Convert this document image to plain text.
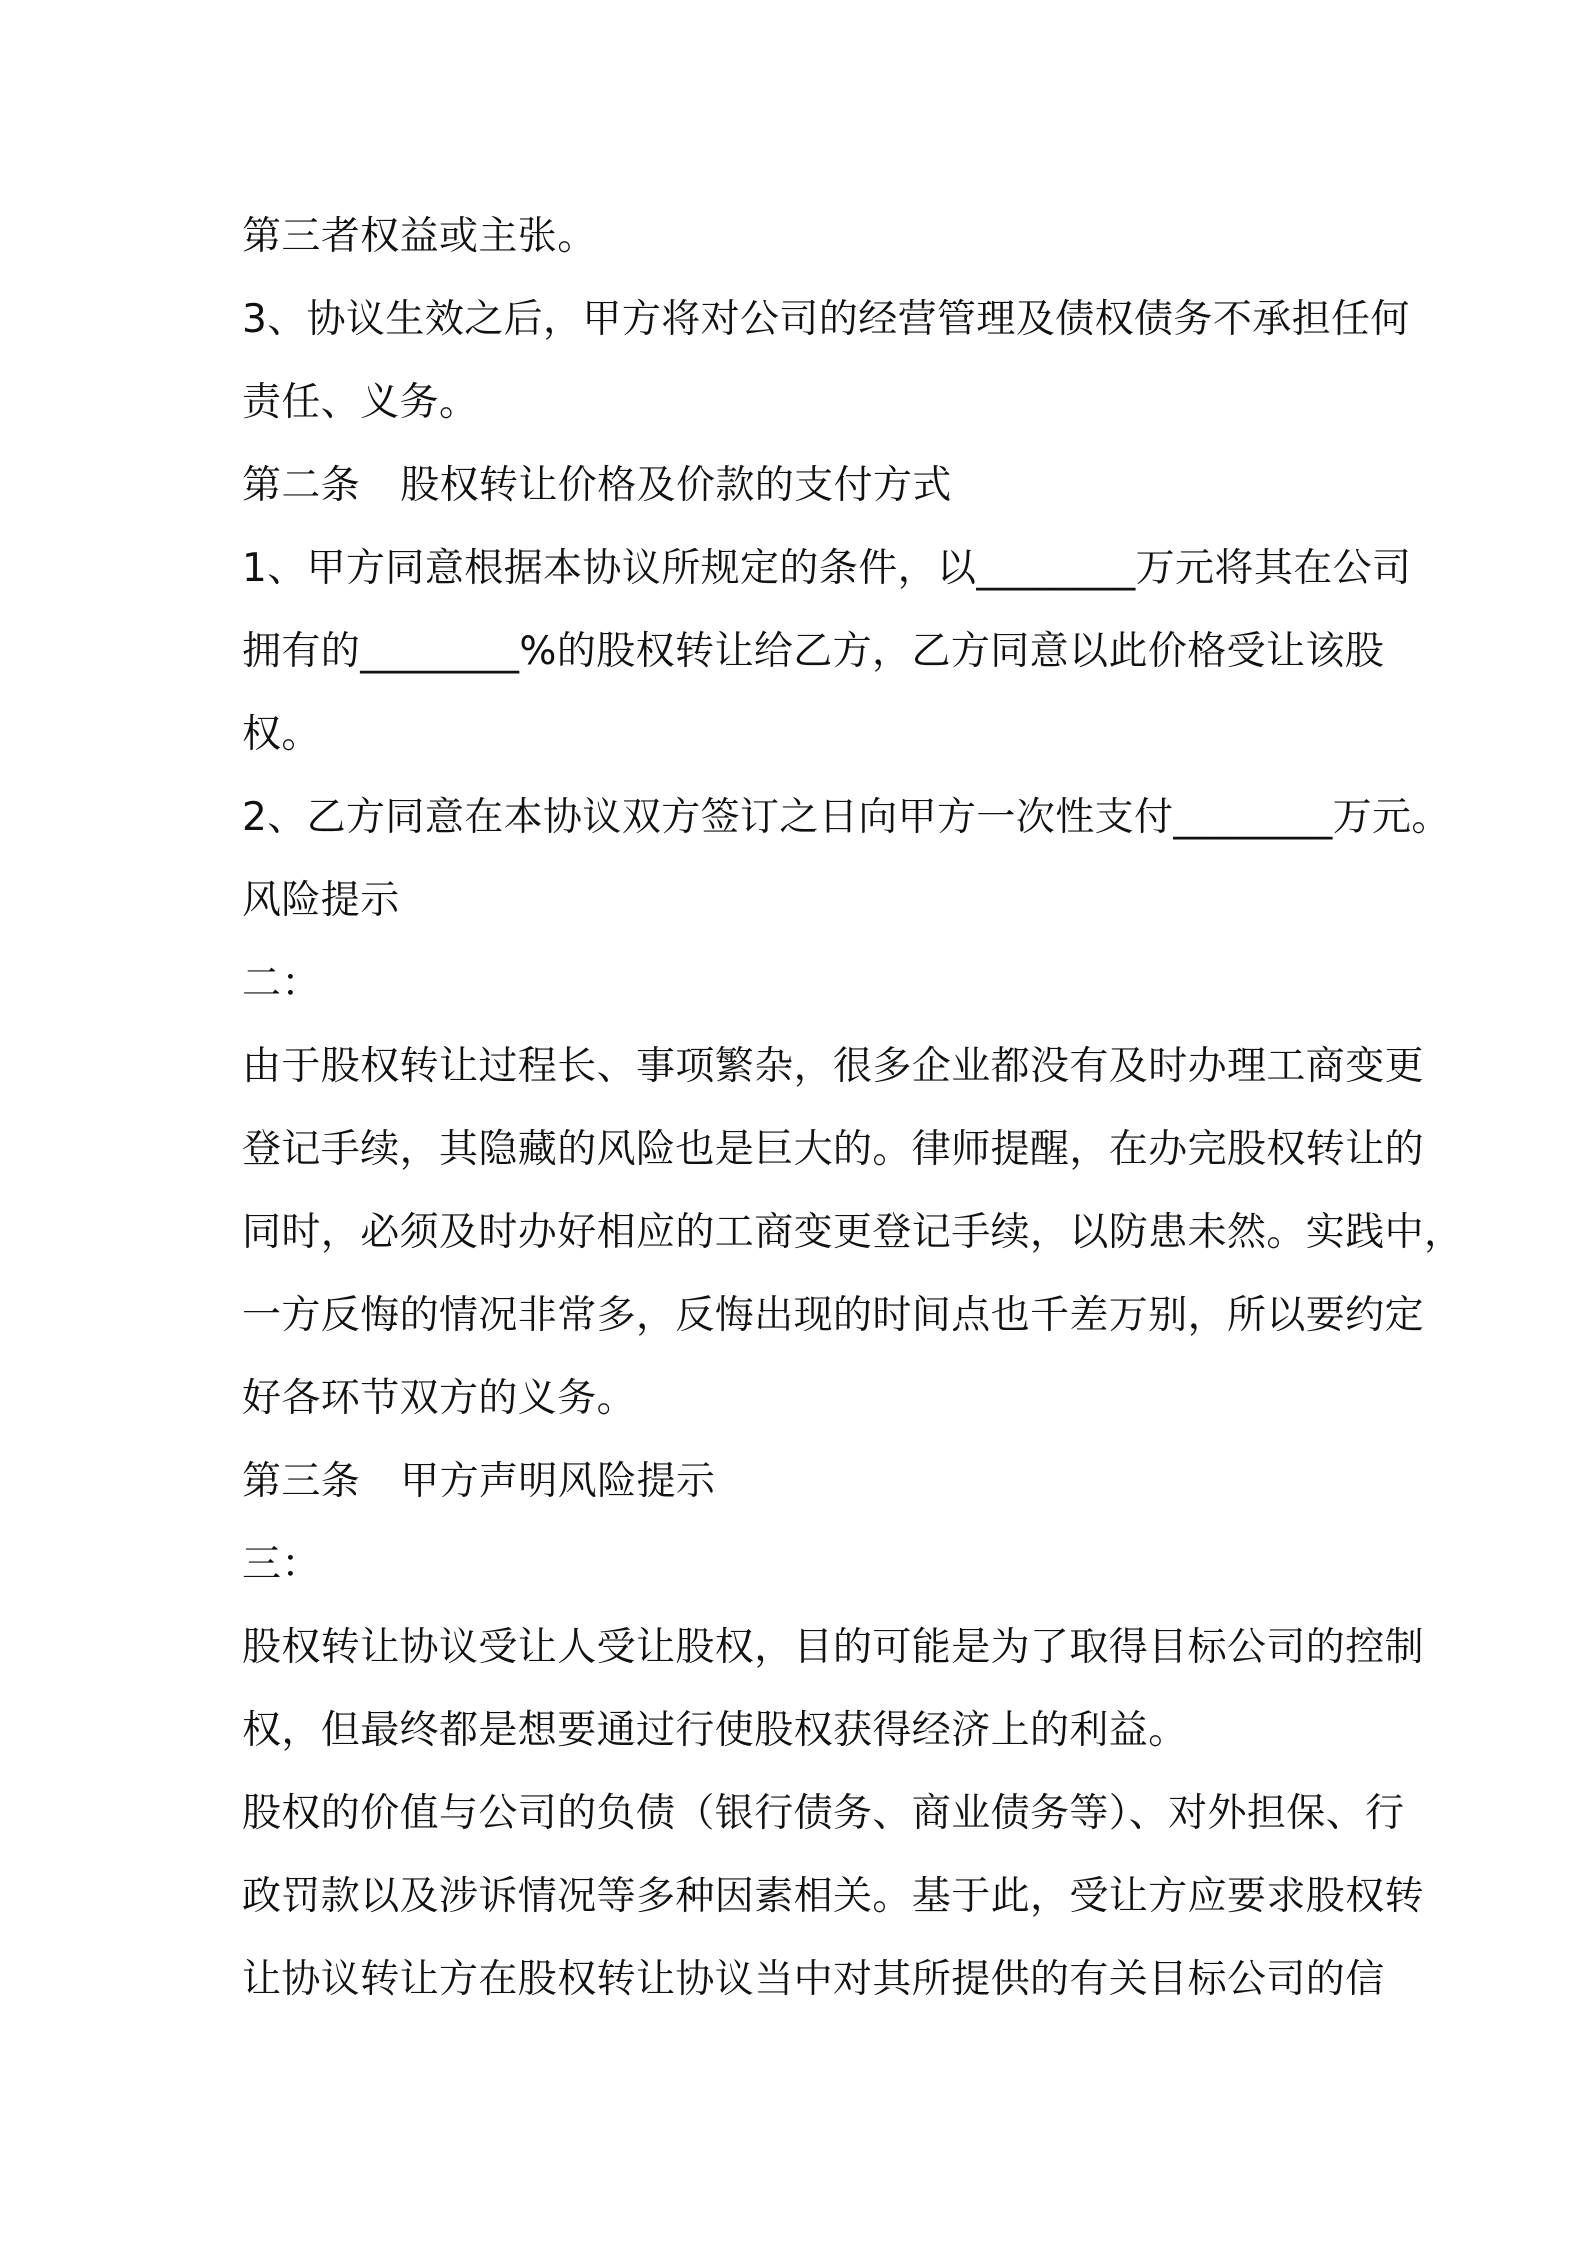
第三者权益或主张。
3、协议生效之后，甲方将对公司的经营管理及债权债务不承担任何
责任、义务。
第二条 股权转让价格及价款的支付方式
1、甲方同意根据本协议所规定的条件，以________万元将其在公司
拥有的________%的股权转让给乙方，乙方同意以此价格受让该股
权。
2、乙方同意在本协议双方签订之日向甲方一次性支付________万元。
风险提示
二：
由于股权转让过程长、事项繁杂，很多企业都没有及时办理工商变更
登记手续，其隐藏的风险也是巨大的。律师提醒，在办完股权转让的
同时，必须及时办好相应的工商变更登记手续，以防患未然。实践中，
一方反悔的情况非常多，反悔出现的时间点也千差万别，所以要约定
好各环节双方的义务。
第三条 甲方声明风险提示
三：
股权转让协议受让人受让股权，目的可能是为了取得目标公司的控制
权，但最终都是想要通过行使股权获得经济上的利益。
股权的价值与公司的负债（银行债务、商业债务等）、对外担保、行
政罚款以及涉诉情况等多种因素相关。基于此，受让方应要求股权转
让协议转让方在股权转让协议当中对其所提供的有关目标公司的信
